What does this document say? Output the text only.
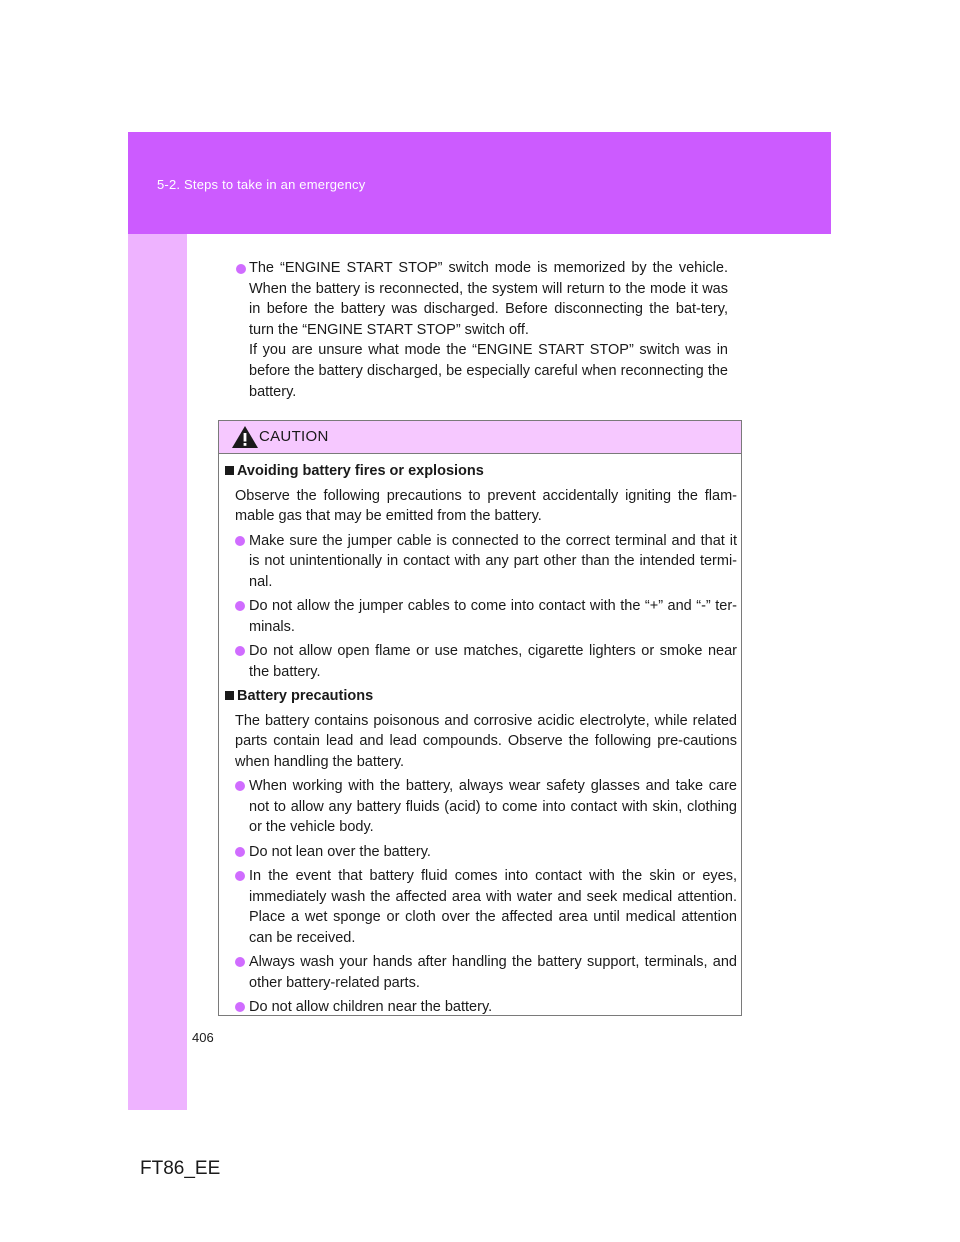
5-2. Steps to take in an emergency
The “ENGINE START STOP” switch mode is memorized by the vehicle. When the battery is reconnected, the system will return to the mode it was in before the battery was discharged. Before disconnecting the bat-tery, turn the “ENGINE START STOP” switch off.
If you are unsure what mode the “ENGINE START STOP” switch was in before the battery discharged, be especially careful when reconnecting the battery.
CAUTION
Avoiding battery fires or explosions
Observe the following precautions to prevent accidentally igniting the flam-mable gas that may be emitted from the battery.
Make sure the jumper cable is connected to the correct terminal and that it is not unintentionally in contact with any part other than the intended termi-nal.
Do not allow the jumper cables to come into contact with the “+” and “-” ter-minals.
Do not allow open flame or use matches, cigarette lighters or smoke near the battery.
Battery precautions
The battery contains poisonous and corrosive acidic electrolyte, while related parts contain lead and lead compounds. Observe the following pre-cautions when handling the battery.
When working with the battery, always wear safety glasses and take care not to allow any battery fluids (acid) to come into contact with skin, clothing or the vehicle body.
Do not lean over the battery.
In the event that battery fluid comes into contact with the skin or eyes, immediately wash the affected area with water and seek medical attention. Place a wet sponge or cloth over the affected area until medical attention can be received.
Always wash your hands after handling the battery support, terminals, and other battery-related parts.
Do not allow children near the battery.
406
FT86_EE
